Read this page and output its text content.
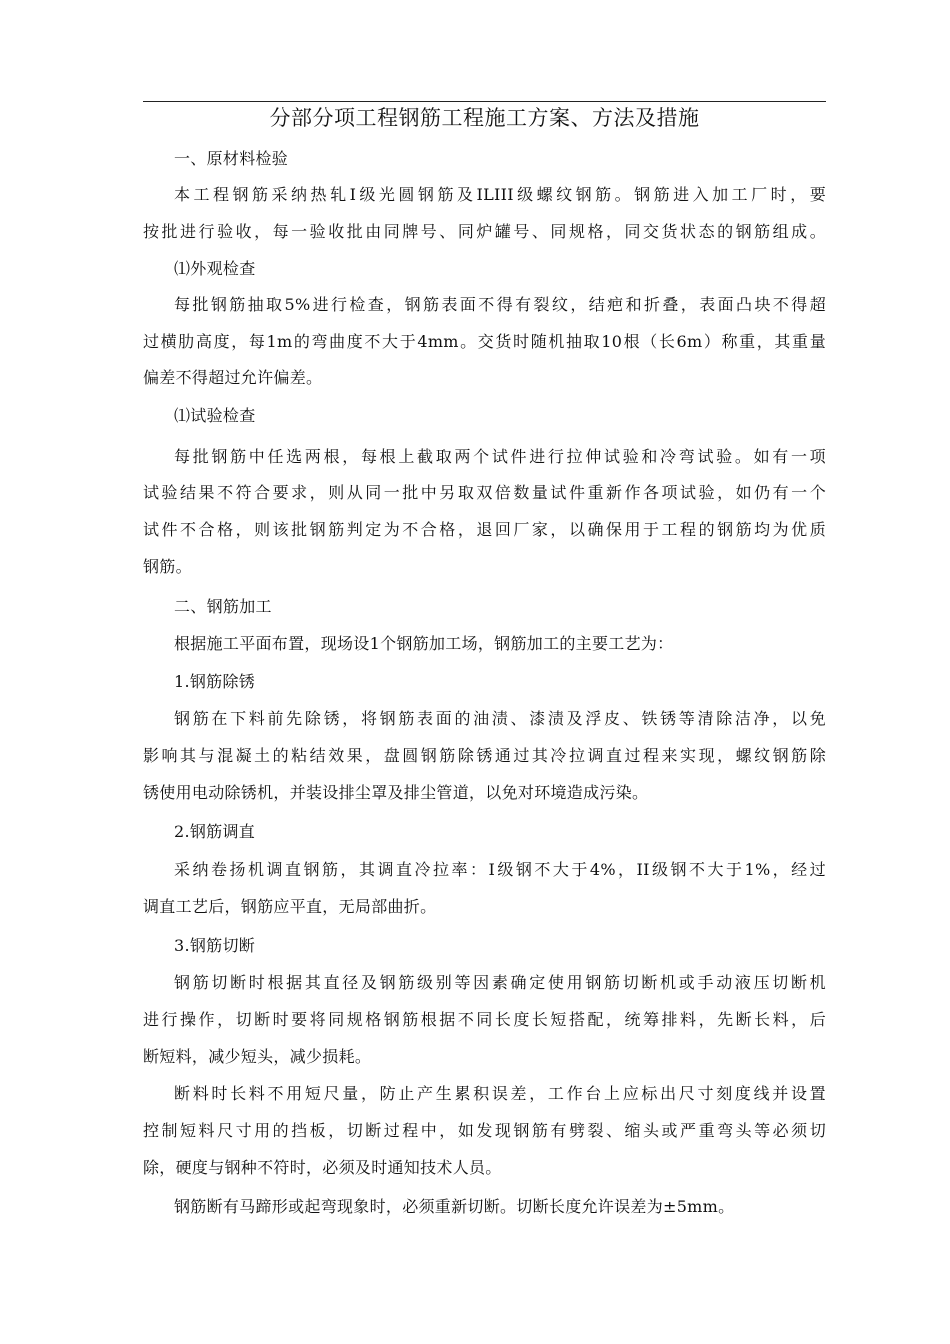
分部分项工程钢筋工程施工方案、方法及措施
一、原材料检验
本工程钢筋采纳热轧Ⅰ级光圆钢筋及ILIII级螺纹钢筋。钢筋进入加工厂时，要
按批进行验收，每一验收批由同牌号、同炉罐号、同规格，同交货状态的钢筋组成。
⑴外观检查
每批钢筋抽取5%进行检查，钢筋表面不得有裂纹，结疤和折叠，表面凸块不得超
过横肋高度，每1m的弯曲度不大于4mm。交货时随机抽取10根（长6m）称重，其重量
偏差不得超过允许偏差。
⑴试验检查
每批钢筋中任选两根，每根上截取两个试件进行拉伸试验和冷弯试验。如有一项
试验结果不符合要求，则从同一批中另取双倍数量试件重新作各项试验，如仍有一个
试件不合格，则该批钢筋判定为不合格，退回厂家，以确保用于工程的钢筋均为优质
钢筋。
二、钢筋加工
根据施工平面布置，现场设1个钢筋加工场，钢筋加工的主要工艺为：
1.钢筋除锈
钢筋在下料前先除锈，将钢筋表面的油渍、漆渍及浮皮、铁锈等清除洁净，以免
影响其与混凝土的粘结效果，盘圆钢筋除锈通过其冷拉调直过程来实现，螺纹钢筋除
锈使用电动除锈机，并装设排尘罩及排尘管道，以免对环境造成污染。
2.钢筋调直
采纳卷扬机调直钢筋，其调直冷拉率：Ⅰ级钢不大于4%，II级钢不大于1%，经过
调直工艺后，钢筋应平直，无局部曲折。
3.钢筋切断
钢筋切断时根据其直径及钢筋级别等因素确定使用钢筋切断机或手动液压切断机
进行操作，切断时要将同规格钢筋根据不同长度长短搭配，统筹排料，先断长料，后
断短料，减少短头，减少损耗。
断料时长料不用短尺量，防止产生累积误差，工作台上应标出尺寸刻度线并设置
控制短料尺寸用的挡板，切断过程中，如发现钢筋有劈裂、缩头或严重弯头等必须切
除，硬度与钢种不符时，必须及时通知技术人员。
钢筋断有马蹄形或起弯现象时，必须重新切断。切断长度允许误差为±5mm。
